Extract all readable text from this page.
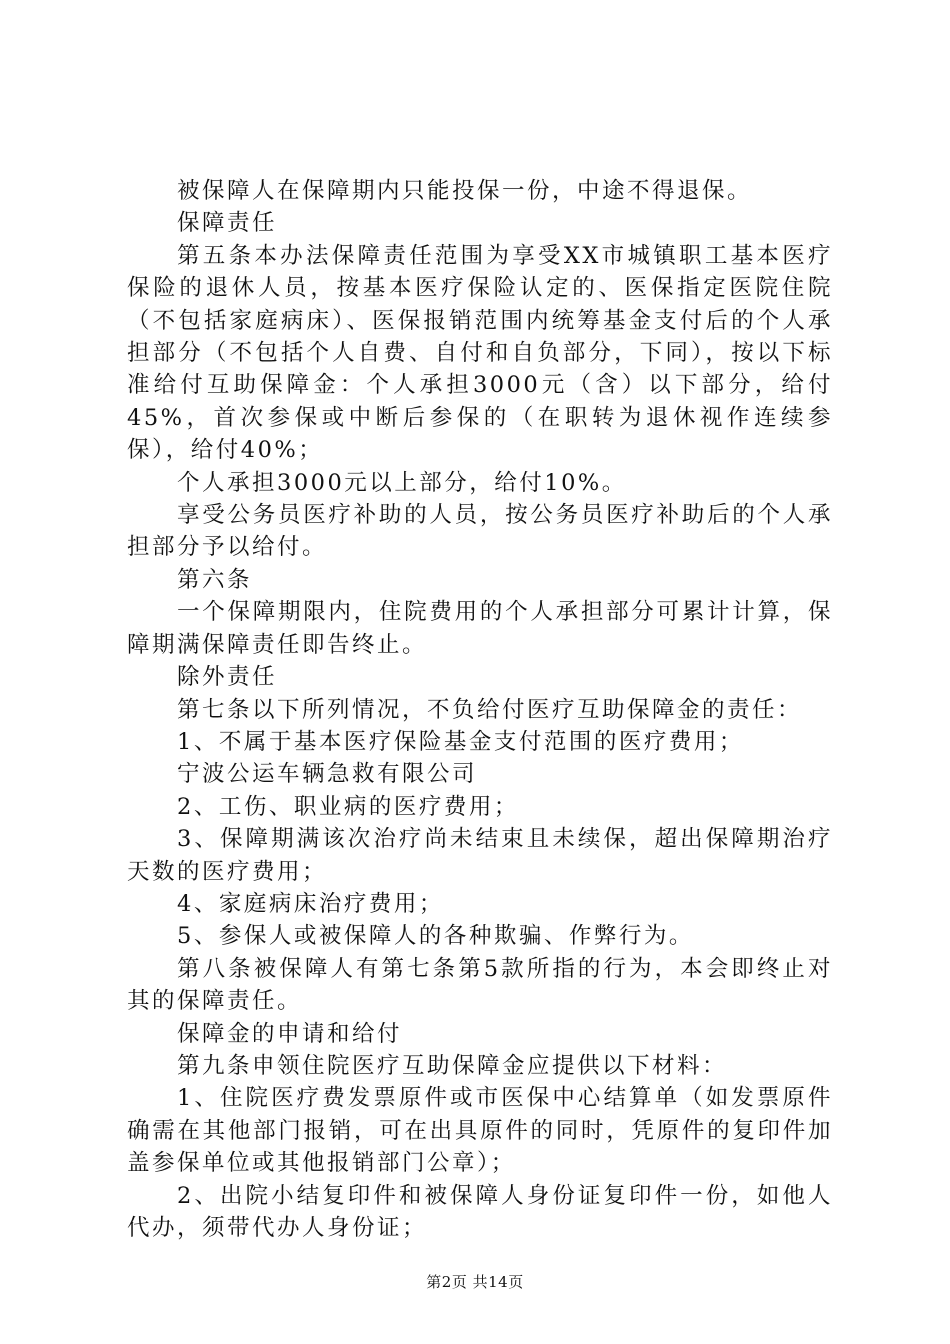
被保障人在保障期内只能投保一份，中途不得退保。

保障责任

第五条本办法保障责任范围为享受XX市城镇职工基本医疗保险的退休人员，按基本医疗保险认定的、医保指定医院住院（不包括家庭病床）、医保报销范围内统筹基金支付后的个人承担部分（不包括个人自费、自付和自负部分，下同），按以下标准给付互助保障金：个人承担3000元（含）以下部分，给付45%，首次参保或中断后参保的（在职转为退休视作连续参保），给付40%；

个人承担3000元以上部分，给付10%。

享受公务员医疗补助的人员，按公务员医疗补助后的个人承担部分予以给付。

第六条

一个保障期限内，住院费用的个人承担部分可累计计算，保障期满保障责任即告终止。

除外责任

第七条以下所列情况，不负给付医疗互助保障金的责任：

1、不属于基本医疗保险基金支付范围的医疗费用；

宁波公运车辆急救有限公司

2、工伤、职业病的医疗费用；

3、保障期满该次治疗尚未结束且未续保，超出保障期治疗天数的医疗费用；

4、家庭病床治疗费用；

5、参保人或被保障人的各种欺骗、作弊行为。

第八条被保障人有第七条第5款所指的行为，本会即终止对其的保障责任。

保障金的申请和给付

第九条申领住院医疗互助保障金应提供以下材料：

1、住院医疗费发票原件或市医保中心结算单（如发票原件确需在其他部门报销，可在出具原件的同时，凭原件的复印件加盖参保单位或其他报销部门公章）；

2、出院小结复印件和被保障人身份证复印件一份，如他人代办，须带代办人身份证；

第2页 共14页
